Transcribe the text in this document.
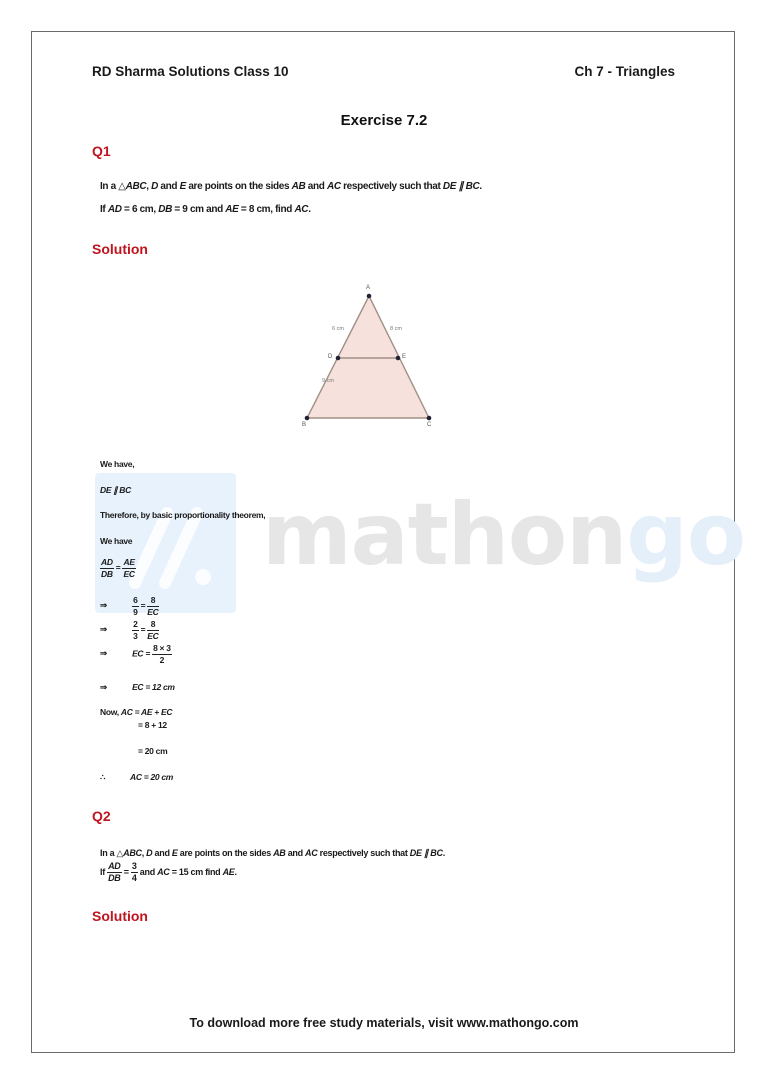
mathongo
RD Sharma Solutions Class 10	Ch 7 - Triangles
Exercise 7.2
Q1
In a △ABC, D and E are points on the sides AB and AC respectively such that DE ∥ BC.
If AD = 6 cm, DB = 9 cm and AE = 8 cm, find AC.
Solution
A
B	C
D	E
6 cm	8 cm
9 cm
We have,
DE ∥ BC
Therefore, by basic proportionality theorem,
We have
$\frac{AD}{DB} = \frac{AE}{EC}$
⇒	$\frac{6}{9} = \frac{8}{EC}$
⇒	$\frac{2}{3} = \frac{8}{EC}$
⇒	EC = $\frac{8 \times 3}{2}$
⇒	EC = 12 cm
Now, AC = AE + EC
= 8 + 12
= 20 cm
∴	AC = 20 cm
Q2
In a △ABC, D and E are points on the sides AB and AC respectively such that DE ∥ BC.
If $\frac{AD}{DB} = \frac{3}{4}$ and AC = 15 cm find AE.
Solution
To download more free study materials, visit www.mathongo.com
